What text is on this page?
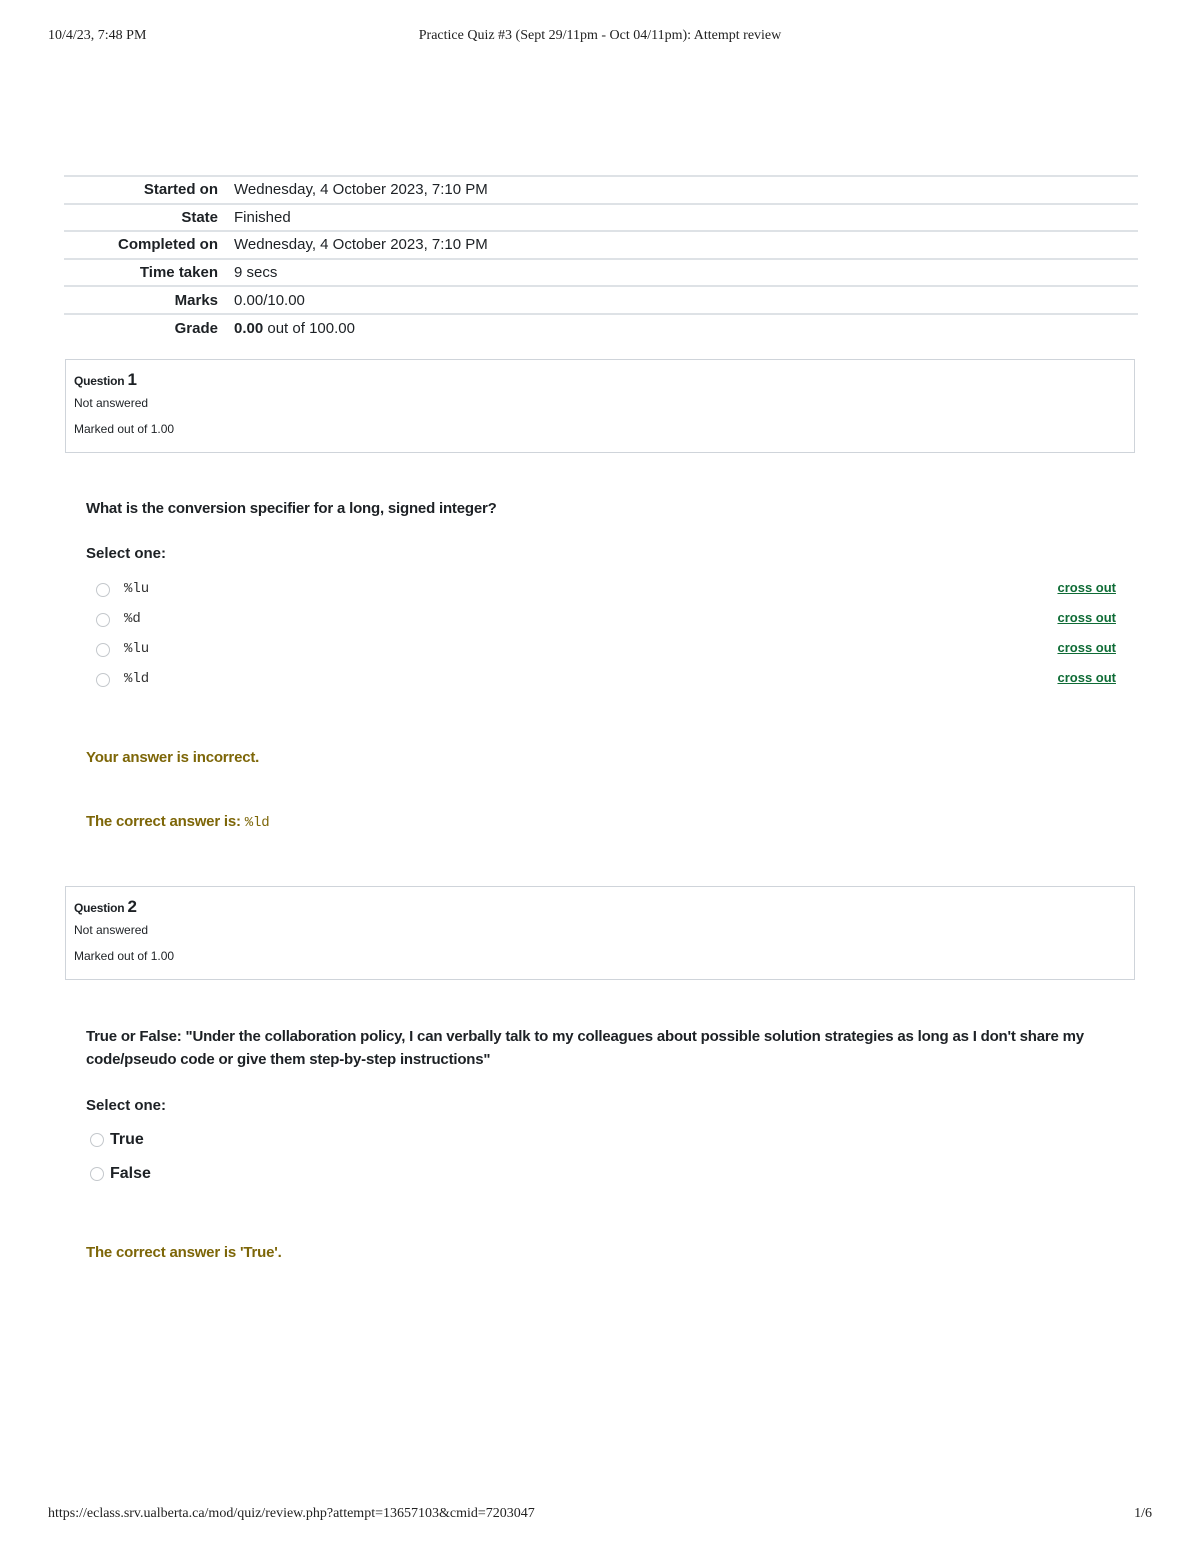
10/4/23, 7:48 PM	Practice Quiz #3 (Sept 29/11pm - Oct 04/11pm): Attempt review
Started on	Wednesday, 4 October 2023, 7:10 PM
State	Finished
Completed on	Wednesday, 4 October 2023, 7:10 PM
Time taken	9 secs
Marks	0.00/10.00
Grade	0.00 out of 100.00
Question 1
Not answered
Marked out of 1.00
What is the conversion specifier for a long, signed integer?
Select one:
%lu	cross out
%d	cross out
%lu	cross out
%ld	cross out
Your answer is incorrect.
The correct answer is: %ld
Question 2
Not answered
Marked out of 1.00
True or False: "Under the collaboration policy, I can verbally talk to my colleagues about possible solution strategies as long as I don't share my code/pseudo code or give them step-by-step instructions"
Select one:
True
False
The correct answer is 'True'.
https://eclass.srv.ualberta.ca/mod/quiz/review.php?attempt=13657103&cmid=7203047	1/6
